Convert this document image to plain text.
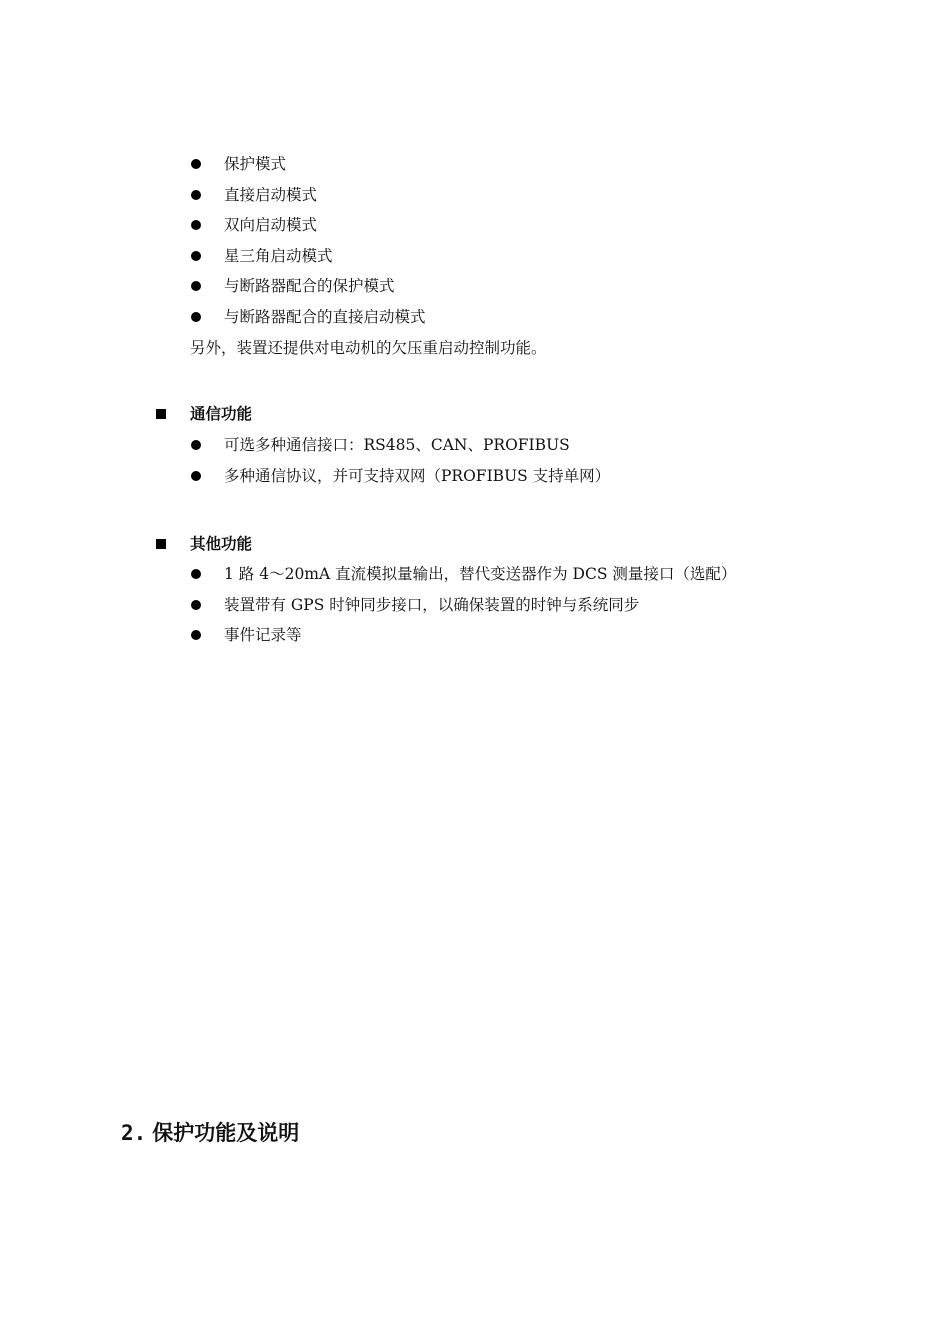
保护模式
直接启动模式
双向启动模式
星三角启动模式
与断路器配合的保护模式
与断路器配合的直接启动模式
另外，装置还提供对电动机的欠压重启动控制功能。
通信功能
可选多种通信接口：RS485、CAN、PROFIBUS
多种通信协议，并可支持双网（PROFIBUS 支持单网）
其他功能
1 路 4～20mA 直流模拟量输出，替代变送器作为 DCS 测量接口（选配）
装置带有 GPS 时钟同步接口，以确保装置的时钟与系统同步
事件记录等
2. 保护功能及说明
